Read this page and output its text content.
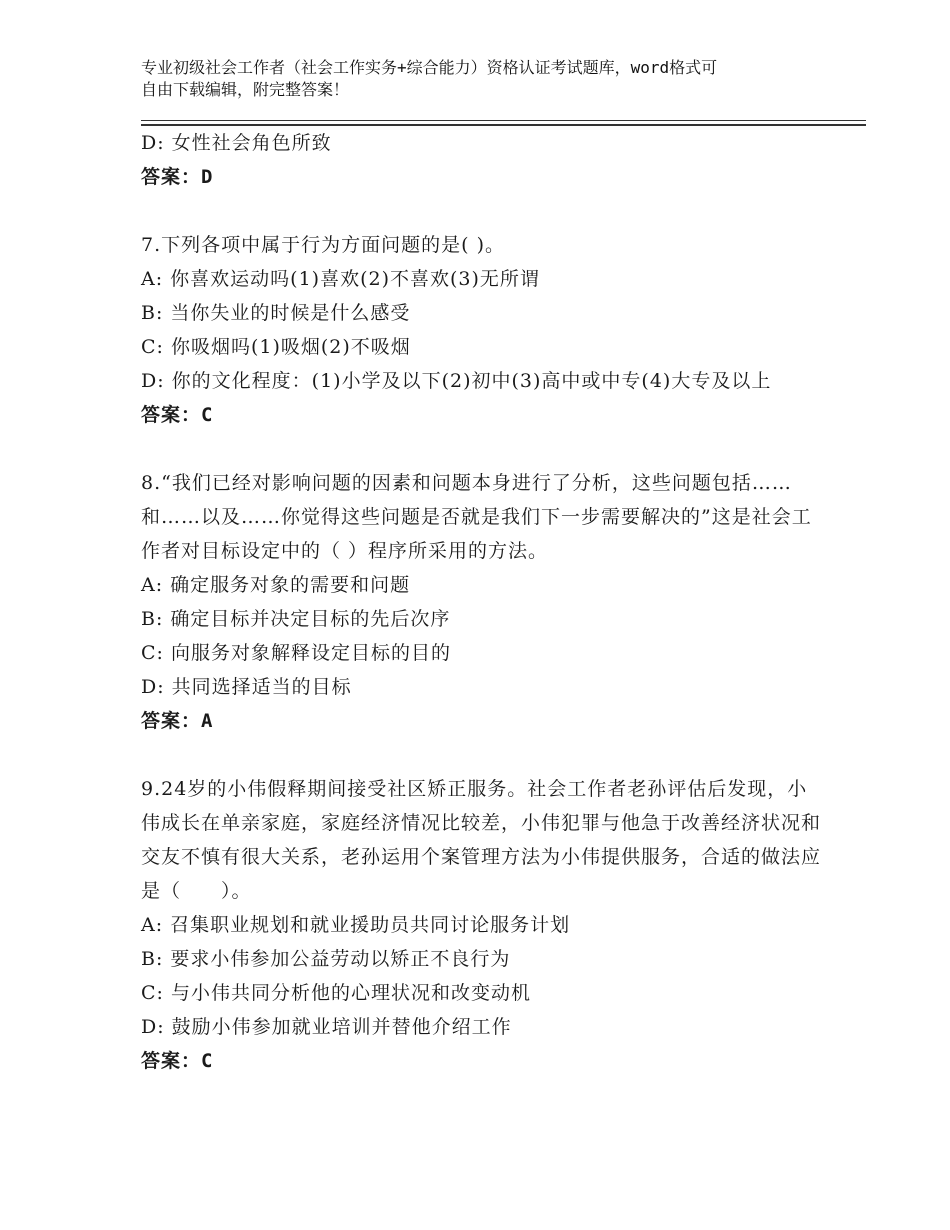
专业初级社会工作者（社会工作实务+综合能力）资格认证考试题库，word格式可
自由下载编辑，附完整答案！
D: 女性社会角色所致
答案：D
7.下列各项中属于行为方面问题的是( )。
A: 你喜欢运动吗(1)喜欢(2)不喜欢(3)无所谓
B: 当你失业的时候是什么感受
C: 你吸烟吗(1)吸烟(2)不吸烟
D: 你的文化程度：(1)小学及以下(2)初中(3)高中或中专(4)大专及以上
答案：C
8.“我们已经对影响问题的因素和问题本身进行了分析，这些问题包括……和……以及……你觉得这些问题是否就是我们下一步需要解决的”这是社会工作者对目标设定中的（ ）程序所采用的方法。
A: 确定服务对象的需要和问题
B: 确定目标并决定目标的先后次序
C: 向服务对象解释设定目标的目的
D: 共同选择适当的目标
答案：A
9.24岁的小伟假释期间接受社区矫正服务。社会工作者老孙评估后发现，小伟成长在单亲家庭，家庭经济情况比较差，小伟犯罪与他急于改善经济状况和交友不慎有很大关系，老孙运用个案管理方法为小伟提供服务，合适的做法应是（　　）。
A: 召集职业规划和就业援助员共同讨论服务计划
B: 要求小伟参加公益劳动以矫正不良行为
C: 与小伟共同分析他的心理状况和改变动机
D: 鼓励小伟参加就业培训并替他介绍工作
答案：C
